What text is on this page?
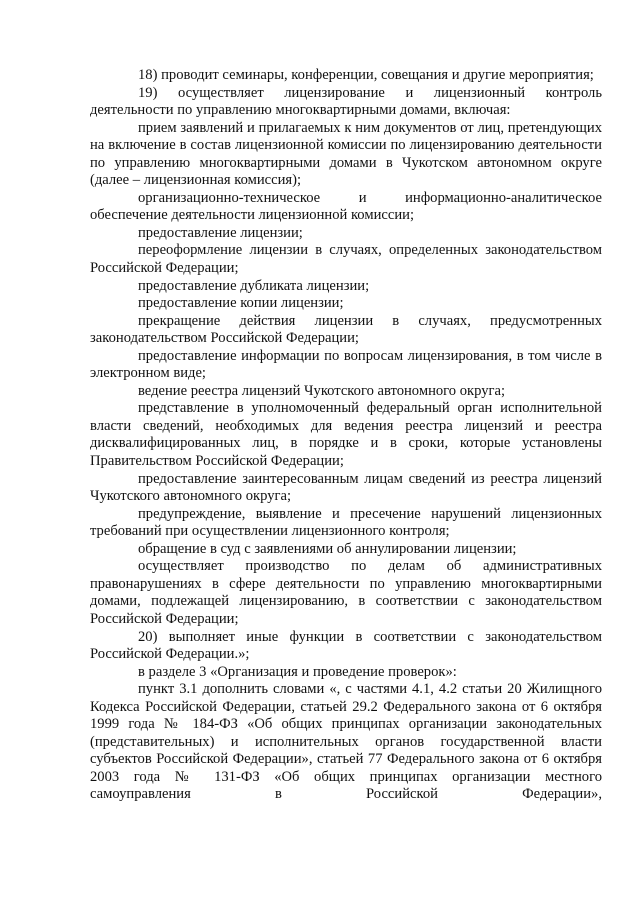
18) проводит семинары, конференции, совещания и другие мероприятия;

19) осуществляет лицензирование и лицензионный контроль деятельности по управлению многоквартирными домами, включая:

прием заявлений и прилагаемых к ним документов от лиц, претендующих на включение в состав лицензионной комиссии по лицензированию деятельности по управлению многоквартирными домами в Чукотском автономном округе (далее – лицензионная комиссия);

организационно-техническое и информационно-аналитическое обеспечение деятельности лицензионной комиссии;

предоставление лицензии;

переоформление лицензии в случаях, определенных законодательством Российской Федерации;

предоставление дубликата лицензии;

предоставление копии лицензии;

прекращение действия лицензии в случаях, предусмотренных законодательством Российской Федерации;

предоставление информации по вопросам лицензирования, в том числе в электронном виде;

ведение реестра лицензий Чукотского автономного округа;

представление в уполномоченный федеральный орган исполнительной власти сведений, необходимых для ведения реестра лицензий и реестра дисквалифицированных лиц, в порядке и в сроки, которые установлены Правительством Российской Федерации;

предоставление заинтересованным лицам сведений из реестра лицензий Чукотского автономного округа;

предупреждение, выявление и пресечение нарушений лицензионных требований при осуществлении лицензионного контроля;

обращение в суд с заявлениями об аннулировании лицензии;

осуществляет производство по делам об административных правонарушениях в сфере деятельности по управлению многоквартирными домами, подлежащей лицензированию, в соответствии с законодательством Российской Федерации;

20) выполняет иные функции в соответствии с законодательством Российской Федерации.»;

в разделе 3 «Организация и проведение проверок»:

пункт 3.1 дополнить словами «, с частями 4.1, 4.2 статьи 20 Жилищного Кодекса Российской Федерации, статьей 29.2 Федерального закона от 6 октября 1999 года № 184-ФЗ «Об общих принципах организации законодательных (представительных) и исполнительных органов государственной власти субъектов Российской Федерации», статьей 77 Федерального закона от 6 октября 2003 года № 131-ФЗ «Об общих принципах организации местного самоуправления в Российской Федерации»,
